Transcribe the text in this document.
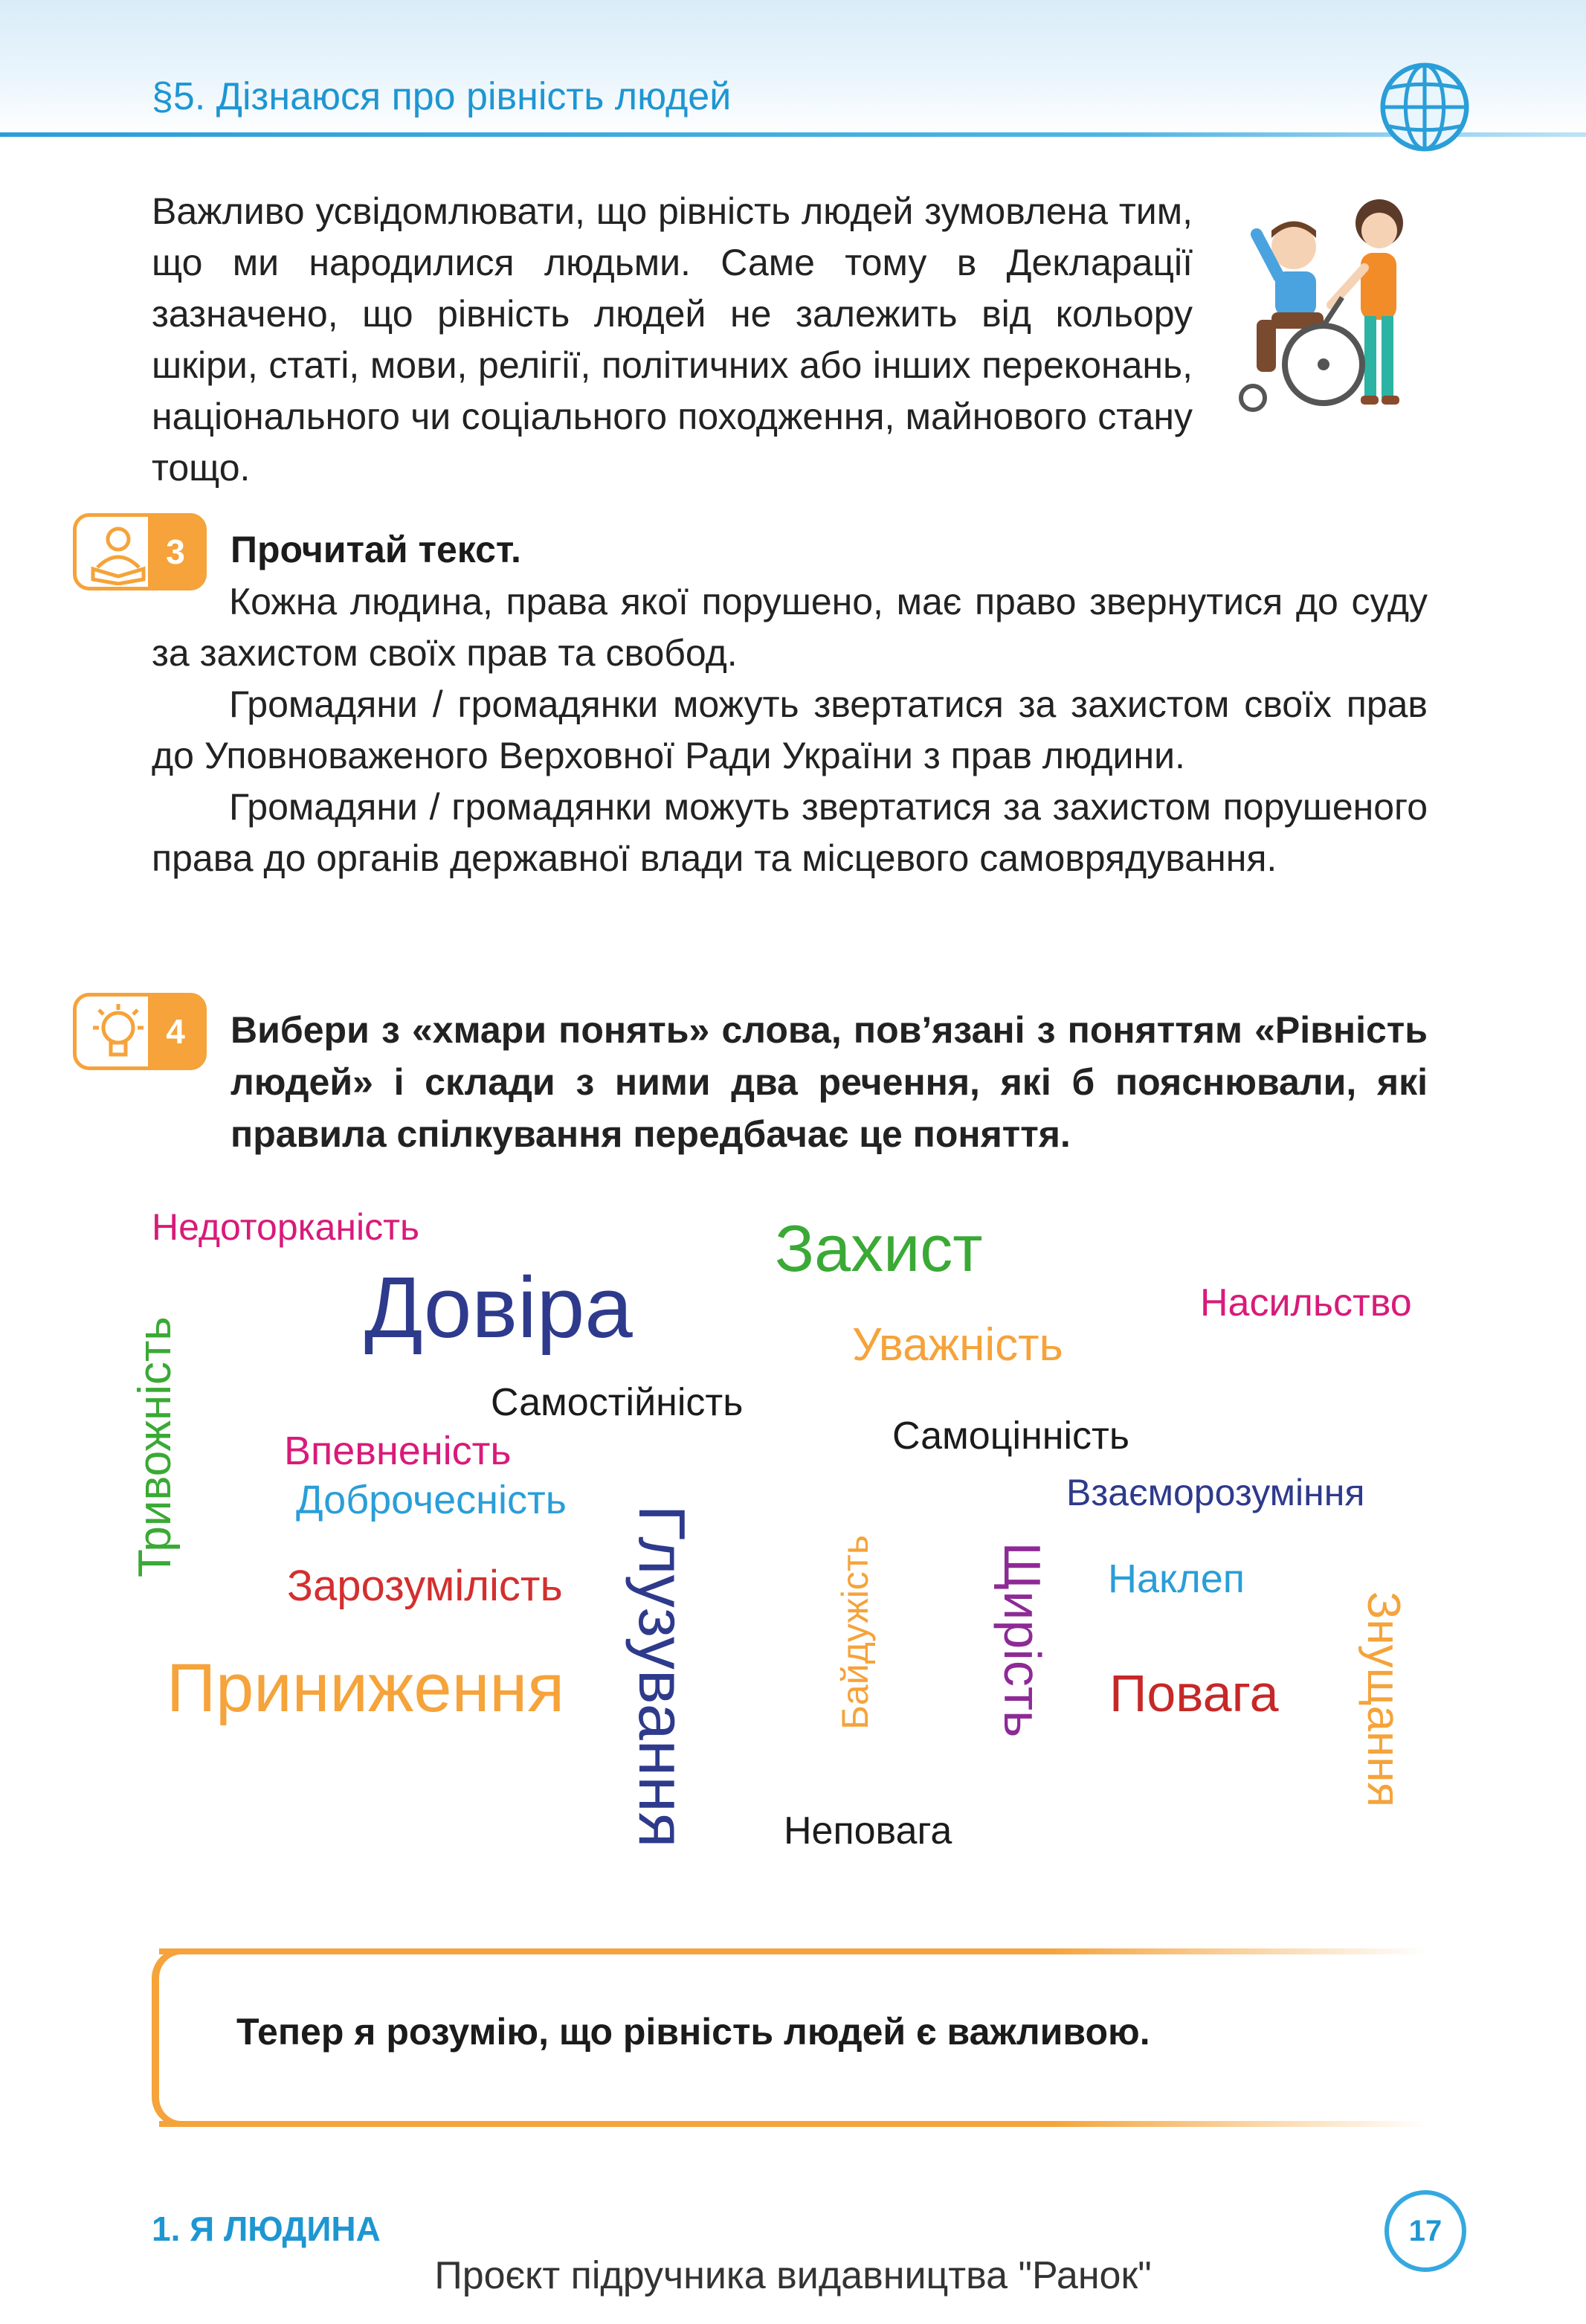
§5. Дізнаюся про рівність людей

Важливо усвідомлювати, що рівність людей зумовлена тим, що ми народилися людьми. Саме тому в Декларації зазначено, що рівність людей не залежить від кольору шкіри, статі, мови, релігії, політичних або інших переконань, національного чи соціального походження, майнового стану тощо.

3	Прочитай текст.

Кожна людина, права якої порушено, має право звернутися до суду за захистом своїх прав та свобод.

Громадяни / громадянки можуть звертатися за захистом своїх прав до Уповноваженого Верховної Ради України з прав людини.

Громадяни / громадянки можуть звертатися за захистом порушеного права до органів державної влади та місцевого самоврядування.

4	Вибери з «хмари понять» слова, пов’язані з поняттям «Рівність людей» і склади з ними два речення, які б пояснювали, які правила спілкування передбачає це поняття.

Недоторканість	Захист
Довіра	Насильство
Уважність
Тривожність	Самостійність
Самоцінність
Впевненість
Доброчесність	Взаєморозуміння
Глузування	Байдужість Щирість Наклеп
Зарозумілість
Знущання
Приниження	Повага
Неповага
Тепер я розумію, що рівність людей є важливою.
1. Я ЛЮДИНА	17
Проєкт підручника видавництва "Ранок"
